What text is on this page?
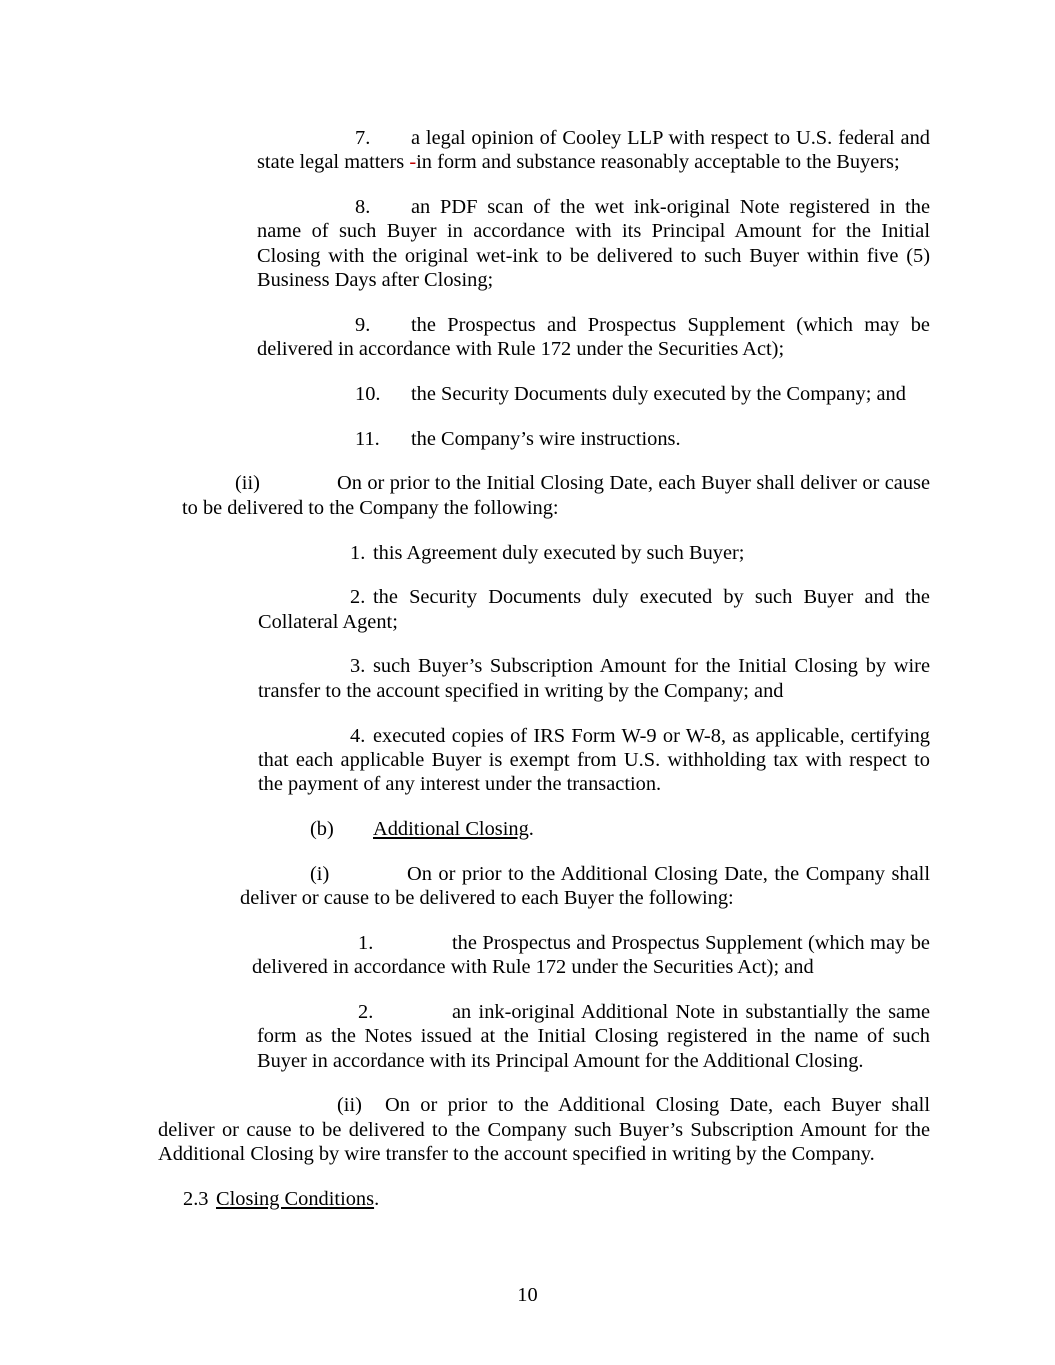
7. a legal opinion of Cooley LLP with respect to U.S. federal and state legal matters -in form and substance reasonably acceptable to the Buyers;

8. an PDF scan of the wet ink-original Note registered in the name of such Buyer in accordance with its Principal Amount for the Initial Closing with the original wet-ink to be delivered to such Buyer within five (5) Business Days after Closing;

9. the Prospectus and Prospectus Supplement (which may be delivered in accordance with Rule 172 under the Securities Act);

10. the Security Documents duly executed by the Company; and

11. the Company’s wire instructions.

(ii)	On or prior to the Initial Closing Date, each Buyer shall deliver or cause to be delivered to the Company the following:

1. this Agreement duly executed by such Buyer;

2. the Security Documents duly executed by such Buyer and the Collateral Agent;

3. such Buyer’s Subscription Amount for the Initial Closing by wire transfer to the account specified in writing by the Company; and

4. executed copies of IRS Form W-9 or W-8, as applicable, certifying that each applicable Buyer is exempt from U.S. withholding tax with respect to the payment of any interest under the transaction.

(b) Additional Closing.

(i)	On or prior to the Additional Closing Date, the Company shall deliver or cause to be delivered to each Buyer the following:

1.	the Prospectus and Prospectus Supplement (which may be delivered in accordance with Rule 172 under the Securities Act); and

2.	an ink-original Additional Note in substantially the same form as the Notes issued at the Initial Closing registered in the name of such Buyer in accordance with its Principal Amount for the Additional Closing.

(ii) On or prior to the Additional Closing Date, each Buyer shall deliver or cause to be delivered to the Company such Buyer’s Subscription Amount for the Additional Closing by wire transfer to the account specified in writing by the Company.

2.3 Closing Conditions.

10
